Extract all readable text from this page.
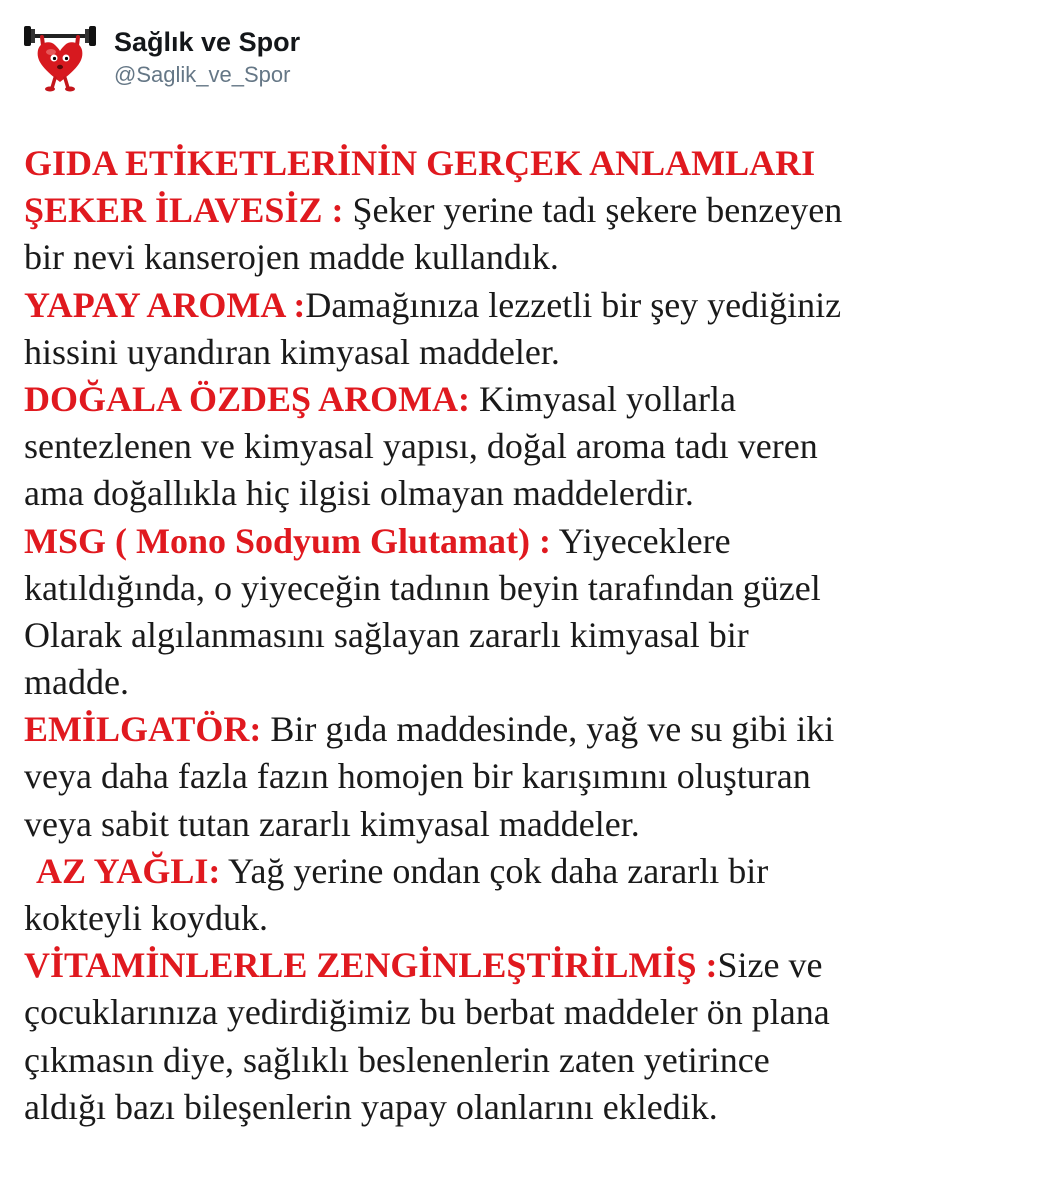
Sağlık ve Spor
@Saglik_ve_Spor
GIDA ETİKETLERİNİN GERÇEK ANLAMLARI
ŞEKER İLAVESİZ : Şeker yerine tadı şekere benzeyen
bir nevi kanserojen madde kullandık.
YAPAY AROMA :Damağınıza lezzetli bir şey yediğiniz
hissini uyandıran kimyasal maddeler.
DOĞALA ÖZDEŞ AROMA: Kimyasal yollarla
sentezlenen ve kimyasal yapısı, doğal aroma tadı veren
ama doğallıkla hiç ilgisi olmayan maddelerdir.
MSG ( Mono Sodyum Glutamat) : Yiyeceklere
katıldığında, o yiyeceğin tadının beyin tarafından güzel
Olarak algılanmasını sağlayan zararlı kimyasal bir
madde.
EMİLGATÖR: Bir gıda maddesinde, yağ ve su gibi iki
veya daha fazla fazın homojen bir karışımını oluşturan
veya sabit tutan zararlı kimyasal maddeler.
AZ YAĞLI: Yağ yerine ondan çok daha zararlı bir
kokteyli koyduk.
VİTAMİNLERLE ZENGİNLEŞTİRİLMİŞ :Size ve
çocuklarınıza yedirdiğimiz bu berbat maddeler ön plana
çıkmasın diye, sağlıklı beslenenlerin zaten yetirince
aldığı bazı bileşenlerin yapay olanlarını ekledik.
